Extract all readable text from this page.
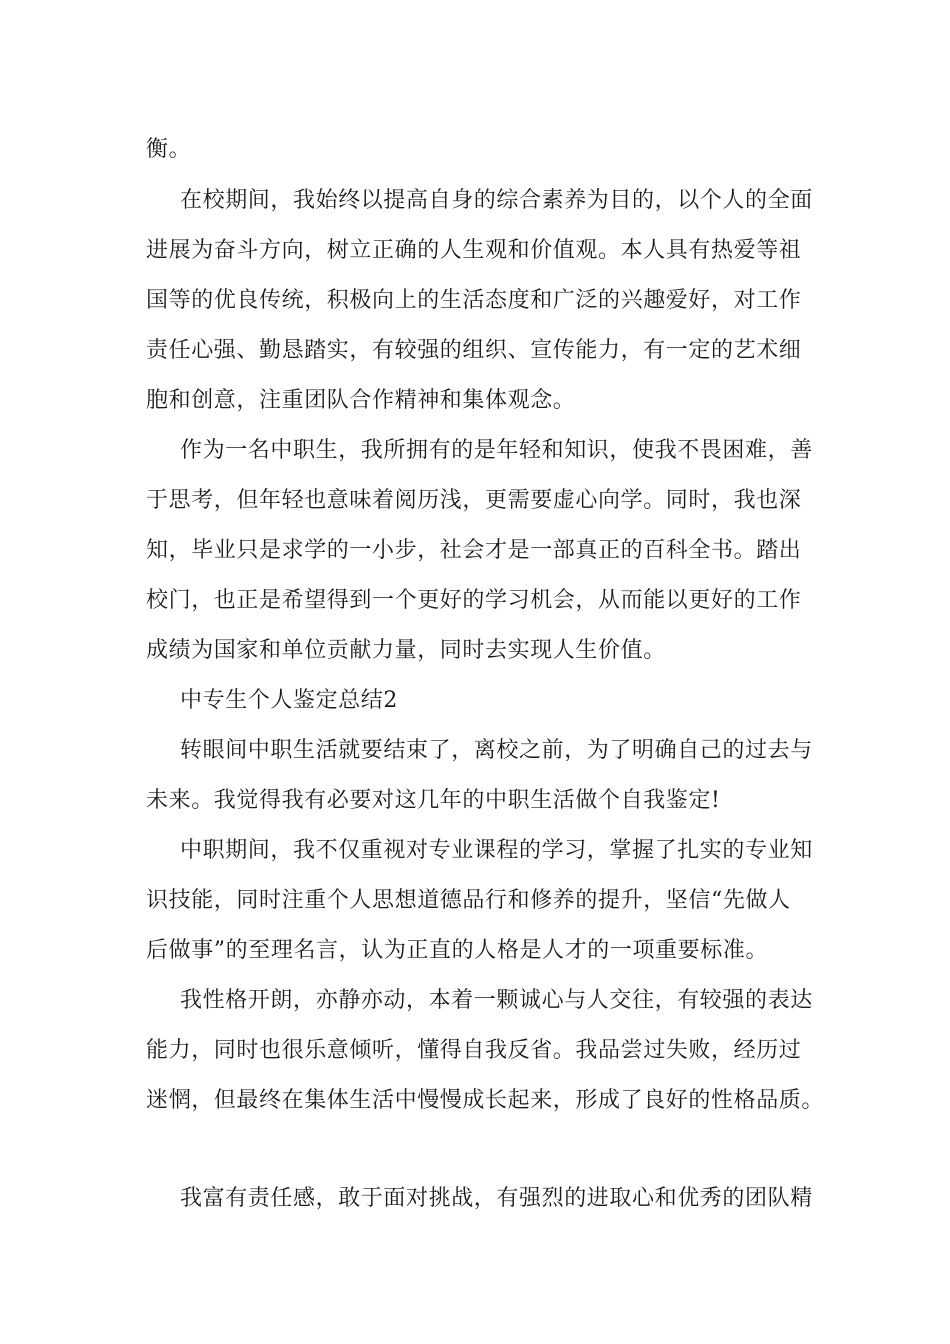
衡。
在校期间，我始终以提高自身的综合素养为目的，以个人的全面
进展为奋斗方向，树立正确的人生观和价值观。本人具有热爱等祖
国等的优良传统，积极向上的生活态度和广泛的兴趣爱好，对工作
责任心强、勤恳踏实，有较强的组织、宣传能力，有一定的艺术细
胞和创意，注重团队合作精神和集体观念。
作为一名中职生，我所拥有的是年轻和知识，使我不畏困难，善
于思考，但年轻也意味着阅历浅，更需要虚心向学。同时，我也深
知，毕业只是求学的一小步，社会才是一部真正的百科全书。踏出
校门，也正是希望得到一个更好的学习机会，从而能以更好的工作
成绩为国家和单位贡献力量，同时去实现人生价值。
中专生个人鉴定总结2
转眼间中职生活就要结束了，离校之前，为了明确自己的过去与
未来。我觉得我有必要对这几年的中职生活做个自我鉴定!
中职期间，我不仅重视对专业课程的学习，掌握了扎实的专业知
识技能，同时注重个人思想道德品行和修养的提升，坚信“先做人
后做事”的至理名言，认为正直的人格是人才的一项重要标准。
我性格开朗，亦静亦动，本着一颗诚心与人交往，有较强的表达
能力，同时也很乐意倾听，懂得自我反省。我品尝过失败，经历过
迷惘，但最终在集体生活中慢慢成长起来，形成了良好的性格品质。
我富有责任感，敢于面对挑战，有强烈的进取心和优秀的团队精
